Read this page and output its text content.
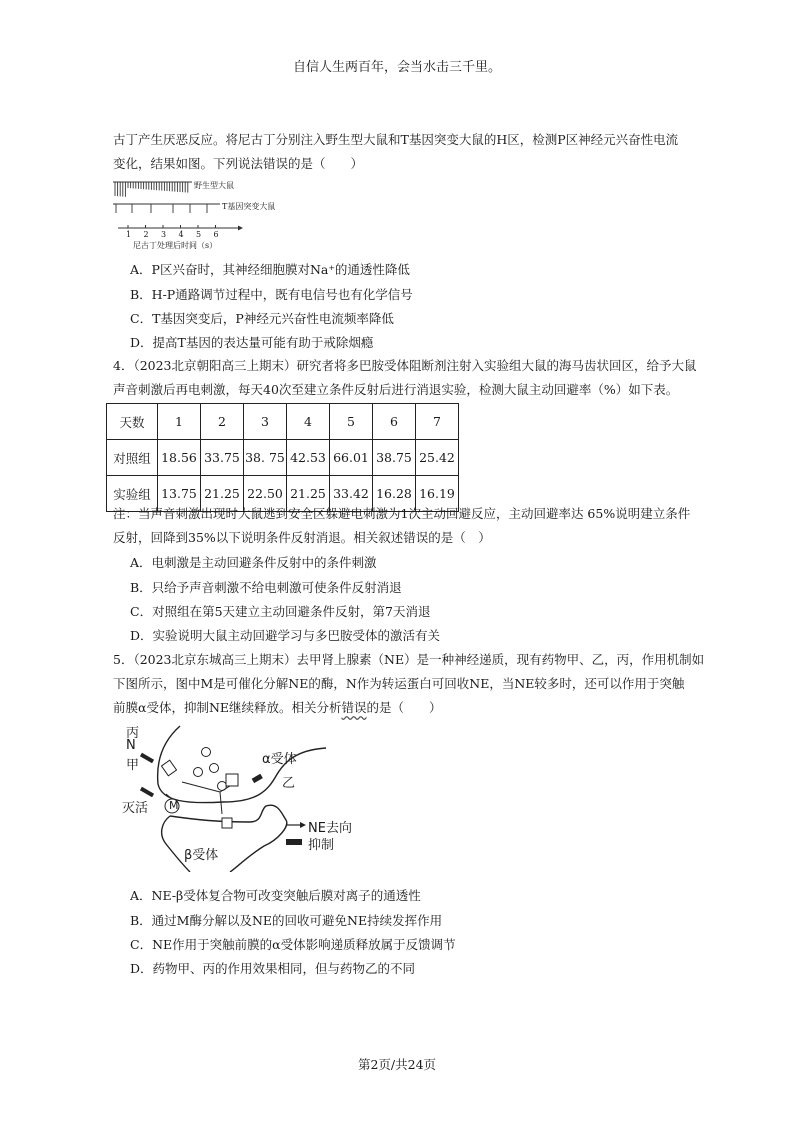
自信人生两百年，会当水击三千里。
古丁产生厌恶反应。将尼古丁分别注入野生型大鼠和T基因突变大鼠的H区，检测P区神经元兴奋性电流
变化，结果如图。下列说法错误的是（　　）
野生型大鼠
T基因突变大鼠
1 2 3 4 5 6
尼古丁处理后时间（s）
A．P区兴奋时，其神经细胞膜对Na⁺的通透性降低
B．H-P通路调节过程中，既有电信号也有化学信号
C．T基因突变后，P神经元兴奋性电流频率降低
D．提高T基因的表达量可能有助于戒除烟瘾
4．（2023北京朝阳高三上期末）研究者将多巴胺受体阻断剂注射入实验组大鼠的海马齿状回区，给予大鼠
声音刺激后再电刺激，每天40次至建立条件反射后进行消退实验，检测大鼠主动回避率（%）如下表。
天数	1	2	3	4	5	6	7
对照组	18.56	33.75	38. 75	42.53	66.01	38.75	25.42
实验组	13.75	21.25	22.50	21.25	33.42	16.28	16.19
注：当声音刺激出现时大鼠逃到安全区躲避电刺激为1次主动回避反应，主动回避率达 65%说明建立条件
反射，回降到35%以下说明条件反射消退。相关叙述错误的是（　）
A．电刺激是主动回避条件反射中的条件刺激
B．只给予声音刺激不给电刺激可使条件反射消退
C．对照组在第5天建立主动回避条件反射，第7天消退
D．实验说明大鼠主动回避学习与多巴胺受体的激活有关
5．（2023北京东城高三上期末）去甲肾上腺素（NE）是一种神经递质，现有药物甲、乙，丙，作用机制如
下图所示，图中M是可催化分解NE的酶，N作为转运蛋白可回收NE，当NE较多时，还可以作用于突触
前膜α受体，抑制NE继续释放。相关分析错误的是（　　）
丙
N
甲
灭活 M
α受体
乙
β受体
NE去向
抑制
A．NE-β受体复合物可改变突触后膜对离子的通透性
B．通过M酶分解以及NE的回收可避免NE持续发挥作用
C．NE作用于突触前膜的α受体影响递质释放属于反馈调节
D．药物甲、丙的作用效果相同，但与药物乙的不同
第2页/共24页
